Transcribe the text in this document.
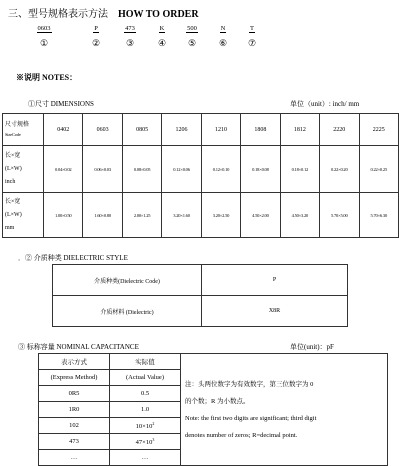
三、型号规格表示方法 HOW TO ORDER
0603
①
P
②
473
③
K
④
500
⑤
N
⑥
T
⑦
※说明 NOTES：
①尺寸 DIMENSIONS	单位（unit）: inch/ mm
尺寸规格
SizeCode	0402	0603	0805	1206	1210	1808	1812	2220	2225

长×宽
(L×W)
inch	0.04×0.02	0.06×0.03	0.08×0.05	0.12×0.06	0.12×0.10	0.18×0.08	0.18×0.12	0.22×0.20	0.22×0.25

长×宽
(L×W)
mm	1.00×0.50	1.60×0.80	2.00×1.25	3.20×1.60	3.20×2.50	4.50×2.00	4.50×3.20	5.70×5.00	5.70×6.30
．② 介质种类 DIELECTRIC STYLE
介质种类(Dielectric Code)	P
介质材料 (Dielectric)	X8R
③ 标称容量 NOMINAL CAPACITANCE	单位(unit)：pF
表示方式	实际值	注：头两位数字为有效数字，第三位数字为 0
的个数；R 为小数点。
Note: the first two digits are significant; third digit
denotes number of zeros; R=decimal point.

(Express Method)	(Actual Value)	
0R5	0.5	
1R0	1.0	
102	$10\times 10^2$
473	$47\times 10^3$
…	…	
